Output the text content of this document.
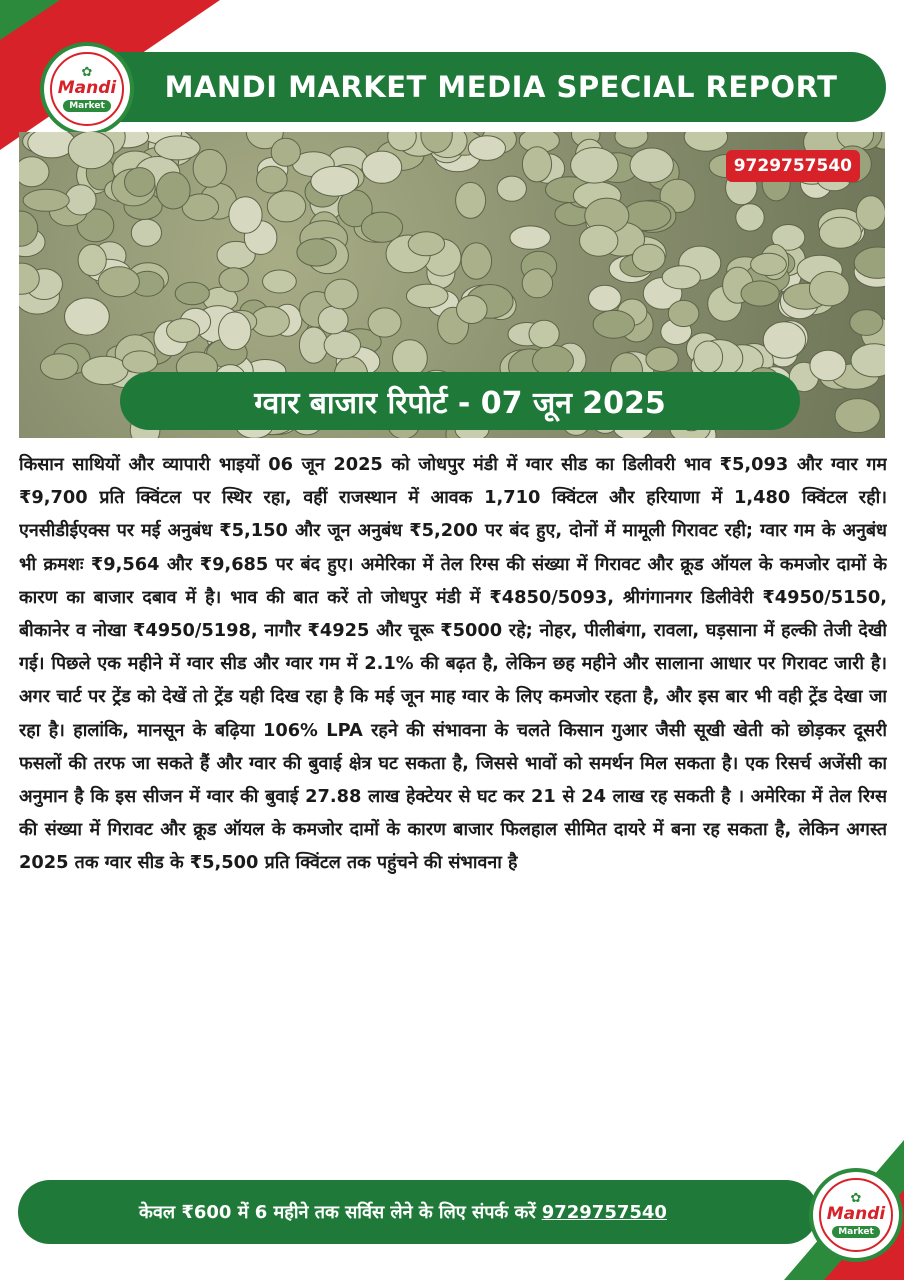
MANDI MARKET MEDIA SPECIAL REPORT
✿
Mandi
Market
9729757540
ग्वार बाजार रिपोर्ट - 07 जून 2025

किसान साथियों और व्यापारी भाइयों 06 जून 2025 को जोधपुर मंडी में ग्वार सीड का डिलीवरी भाव ₹5,093 और ग्वार गम ₹9,700 प्रति क्विंटल पर स्थिर रहा, वहीं राजस्थान में आवक 1,710 क्विंटल और हरियाणा में 1,480 क्विंटल रही। एनसीडीईएक्स पर मई अनुबंध ₹5,150 और जून अनुबंध ₹5,200 पर बंद हुए, दोनों में मामूली गिरावट रही; ग्वार गम के अनुबंध भी क्रमशः ₹9,564 और ₹9,685 पर बंद हुए। अमेरिका में तेल रिग्स की संख्या में गिरावट और क्रूड ऑयल के कमजोर दामों के कारण का बाजार दबाव में है। भाव की बात करें तो जोधपुर मंडी में ₹4850/5093, श्रीगंगानगर डिलीवेरी ₹4950/5150, बीकानेर व नोखा ₹4950/5198, नागौर ₹4925 और चूरू ₹5000 रहे; नोहर, पीलीबंगा, रावला, घड़साना में हल्की तेजी देखी गई। पिछले एक महीने में ग्वार सीड और ग्वार गम में 2.1% की बढ़त है, लेकिन छह महीने और सालाना आधार पर गिरावट जारी है। अगर चार्ट पर ट्रेंड को देखें तो ट्रेंड यही दिख रहा है कि मई जून माह ग्वार के लिए कमजोर रहता है, और इस बार भी वही ट्रेंड देखा जा रहा है। हालांकि, मानसून के बढ़िया 106% LPA रहने की संभावना के चलते किसान गुआर जैसी सूखी खेती को छोड़कर दूसरी फसलों की तरफ जा सकते हैं और ग्वार की बुवाई क्षेत्र घट सकता है, जिससे भावों को समर्थन मिल सकता है। एक रिसर्च अजेंसी का अनुमान है कि इस सीजन में ग्वार की बुवाई 27.88 लाख हेक्टेयर से घट कर 21 से 24 लाख रह सकती है । अमेरिका में तेल रिग्स की संख्या में गिरावट और क्रूड ऑयल के कमजोर दामों के कारण बाजार फिलहाल सीमित दायरे में बना रह सकता है, लेकिन अगस्त 2025 तक ग्वार सीड के ₹5,500 प्रति क्विंटल तक पहुंचने की संभावना है

केवल ₹600 में 6 महीने तक सर्विस लेने के लिए संपर्क करें 9729757540
✿
Mandi
Market
